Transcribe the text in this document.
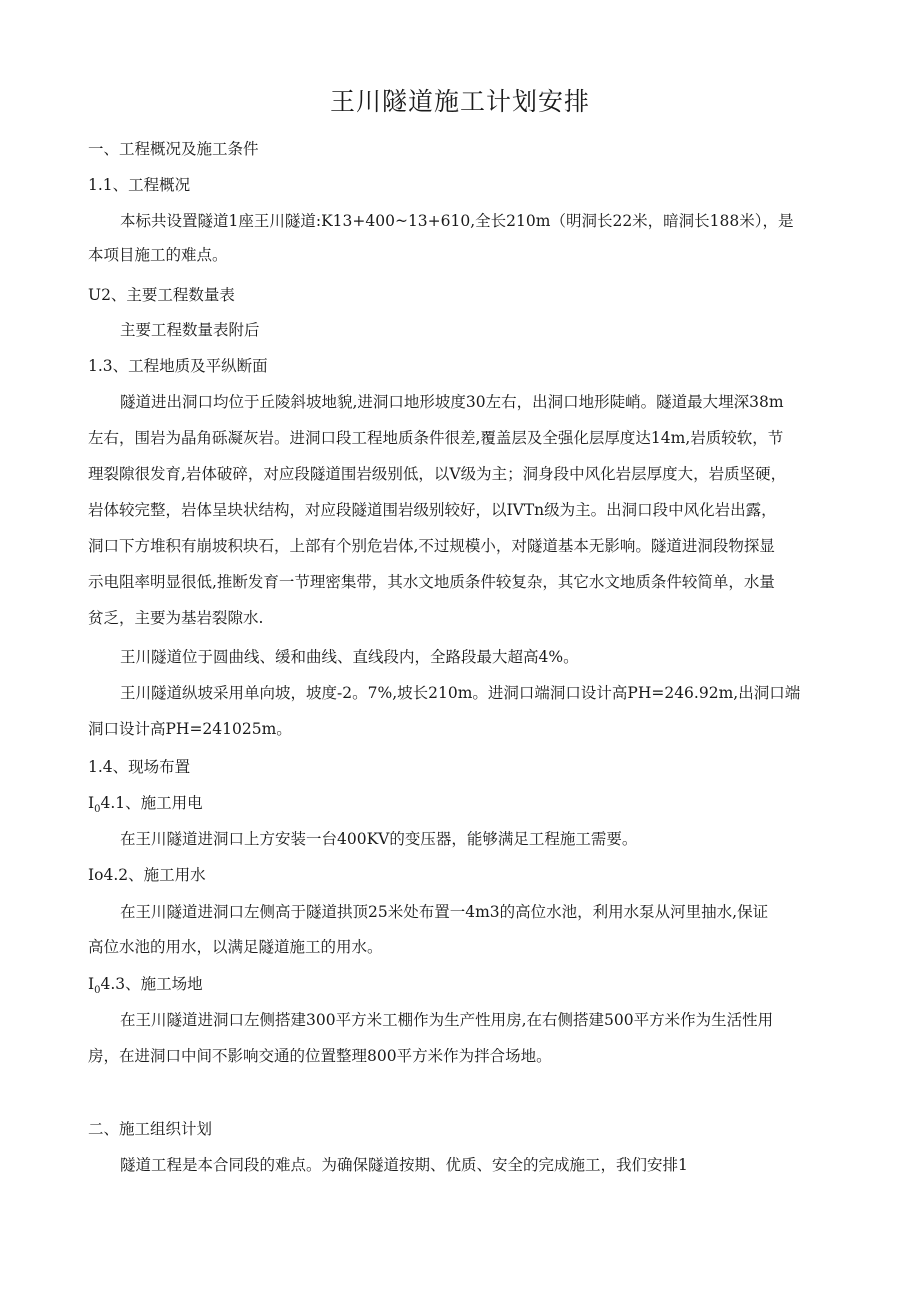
王川隧道施工计划安排
一、工程概况及施工条件
1.1、工程概况
本标共设置隧道1座王川隧道:K13+400~13+610,全长210m（明洞长22米，暗洞长188米），是
本项目施工的难点。
U2、主要工程数量表
主要工程数量表附后
1.3、工程地质及平纵断面
隧道进出洞口均位于丘陵斜坡地貌,进洞口地形坡度30左右，出洞口地形陡峭。隧道最大埋深38m
左右，围岩为晶角砾凝灰岩。进洞口段工程地质条件很差,覆盖层及全强化层厚度达14m,岩质较软，节
理裂隙很发育,岩体破碎，对应段隧道围岩级别低，以V级为主；洞身段中风化岩层厚度大，岩质坚硬，
岩体较完整，岩体呈块状结构，对应段隧道围岩级别较好，以IVTn级为主。出洞口段中风化岩出露，
洞口下方堆积有崩坡积块石，上部有个别危岩体,不过规模小，对隧道基本无影响。隧道进洞段物探显
示电阻率明显很低,推断发育一节理密集带，其水文地质条件较复杂，其它水文地质条件较简单，水量
贫乏，主要为基岩裂隙水.
王川隧道位于圆曲线、缓和曲线、直线段内，全路段最大超高4%。
王川隧道纵坡采用单向坡，坡度-2。7%,坡长210m。进洞口端洞口设计高PH=246.92m,出洞口端
洞口设计高PH=241025m。
1.4、现场布置
$I_04.1$、施工用电
在王川隧道进洞口上方安装一台400KV的变压器，能够满足工程施工需要。
Io4.2、施工用水
在王川隧道进洞口左侧高于隧道拱顶25米处布置一4m3的高位水池，利用水泵从河里抽水,保证
高位水池的用水，以满足隧道施工的用水。
$I_04.3$、施工场地
在王川隧道进洞口左侧搭建300平方米工棚作为生产性用房,在右侧搭建500平方米作为生活性用
房，在进洞口中间不影响交通的位置整理800平方米作为拌合场地。
二、施工组织计划
隧道工程是本合同段的难点。为确保隧道按期、优质、安全的完成施工，我们安排1
